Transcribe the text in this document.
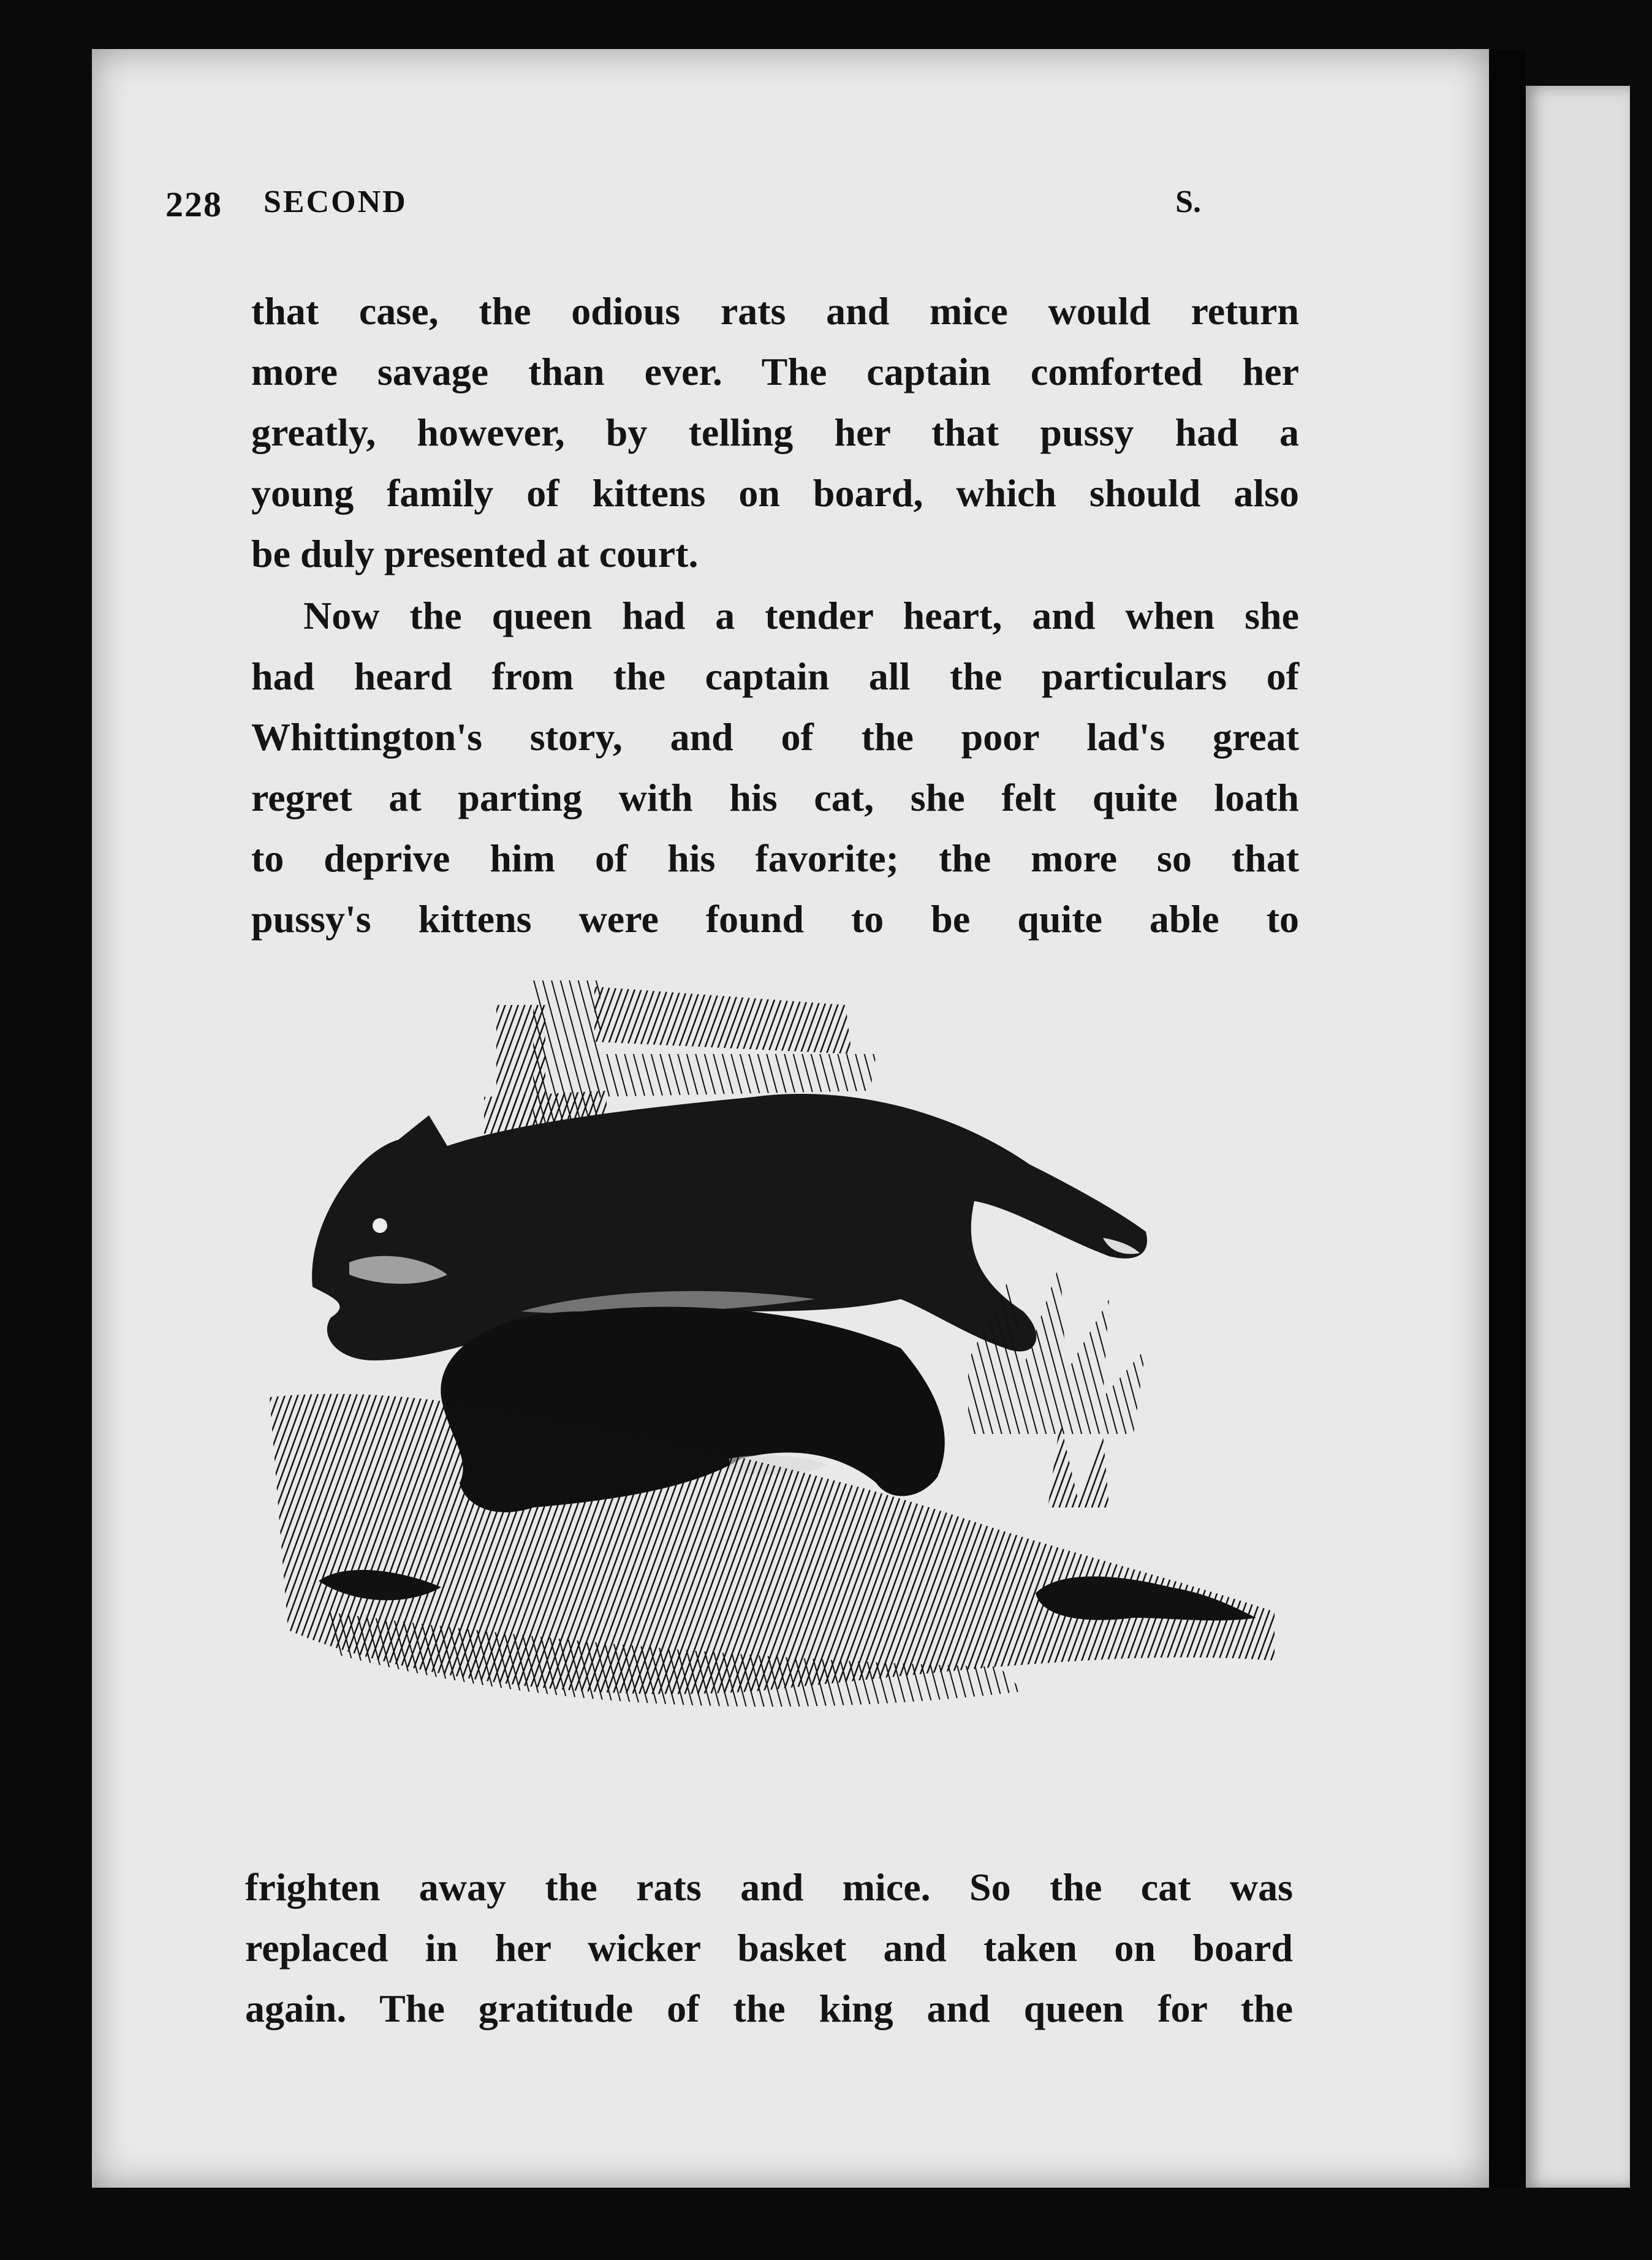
228 SECOND	S.
that case, the odious rats and mice would return
more savage than ever. The captain comforted her
greatly, however, by telling her that pussy had a
young family of kittens on board, which should also
be duly presented at court.
Now the queen had a tender heart, and when she
had heard from the captain all the particulars of
Whittington's story, and of the poor lad's great
regret at parting with his cat, she felt quite loath
to deprive him of his favorite; the more so that
pussy's kittens were found to be quite able to
frighten away the rats and mice. So the cat was
replaced in her wicker basket and taken on board
again. The gratitude of the king and queen for the
